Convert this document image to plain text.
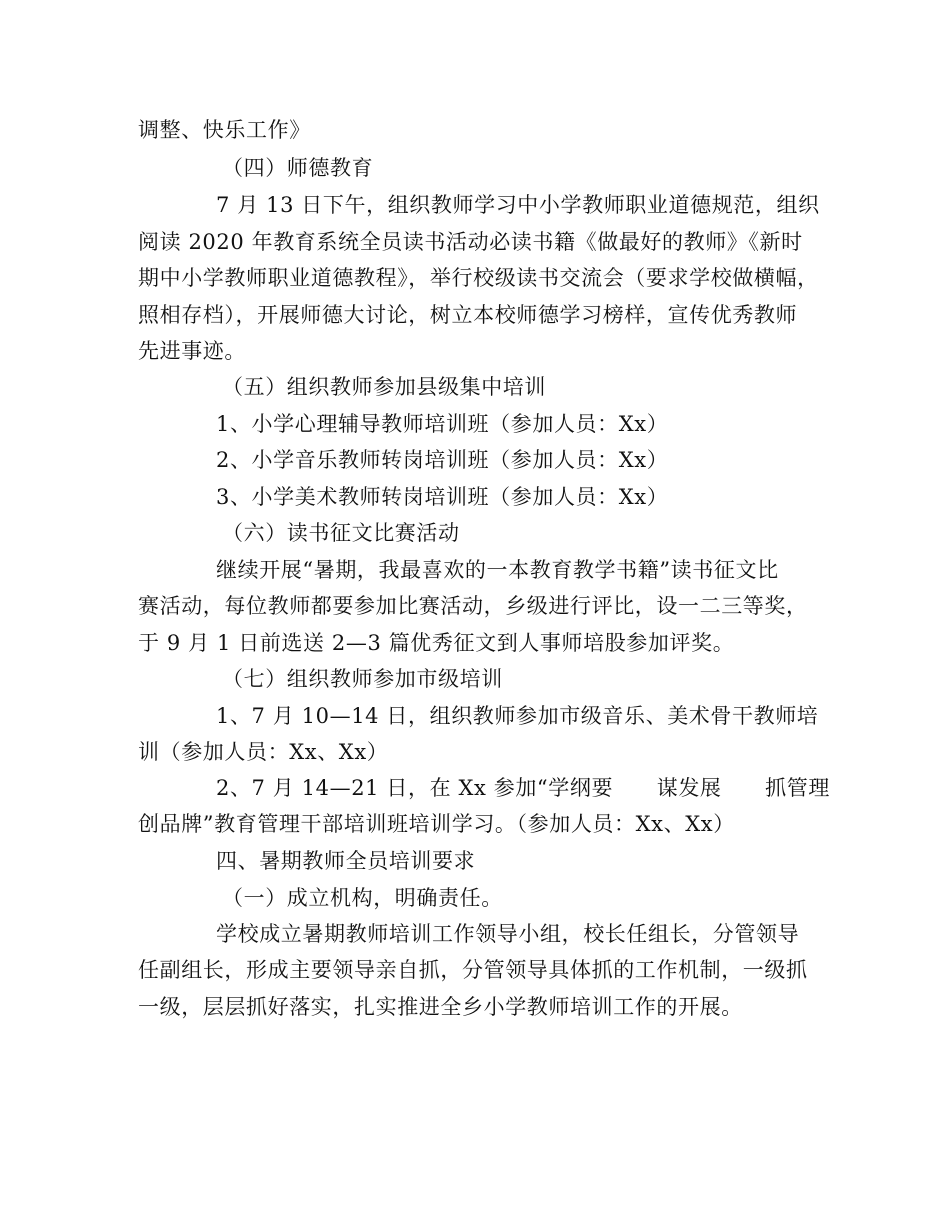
调整、快乐工作》
（四）师德教育
7 月 13 日下午，组织教师学习中小学教师职业道德规范，组织
阅读 2020 年教育系统全员读书活动必读书籍《做最好的教师》《新时
期中小学教师职业道德教程》，举行校级读书交流会（要求学校做横幅，
照相存档），开展师德大讨论，树立本校师德学习榜样，宣传优秀教师
先进事迹。
（五）组织教师参加县级集中培训
1、小学心理辅导教师培训班（参加人员：Xx）
2、小学音乐教师转岗培训班（参加人员：Xx）
3、小学美术教师转岗培训班（参加人员：Xx）
（六）读书征文比赛活动
继续开展“暑期，我最喜欢的一本教育教学书籍”读书征文比
赛活动，每位教师都要参加比赛活动，乡级进行评比，设一二三等奖，
于 9 月 1 日前选送 2—3 篇优秀征文到人事师培股参加评奖。
（七）组织教师参加市级培训
1、7 月 10—14 日，组织教师参加市级音乐、美术骨干教师培
训（参加人员：Xx、Xx）
2、7 月 14—21 日，在 Xx 参加“学纲要      谋发展      抓管理
创品牌”教育管理干部培训班培训学习。（参加人员：Xx、Xx）
四、暑期教师全员培训要求
（一）成立机构，明确责任。
学校成立暑期教师培训工作领导小组，校长任组长，分管领导
任副组长，形成主要领导亲自抓，分管领导具体抓的工作机制，一级抓
一级，层层抓好落实，扎实推进全乡小学教师培训工作的开展。
